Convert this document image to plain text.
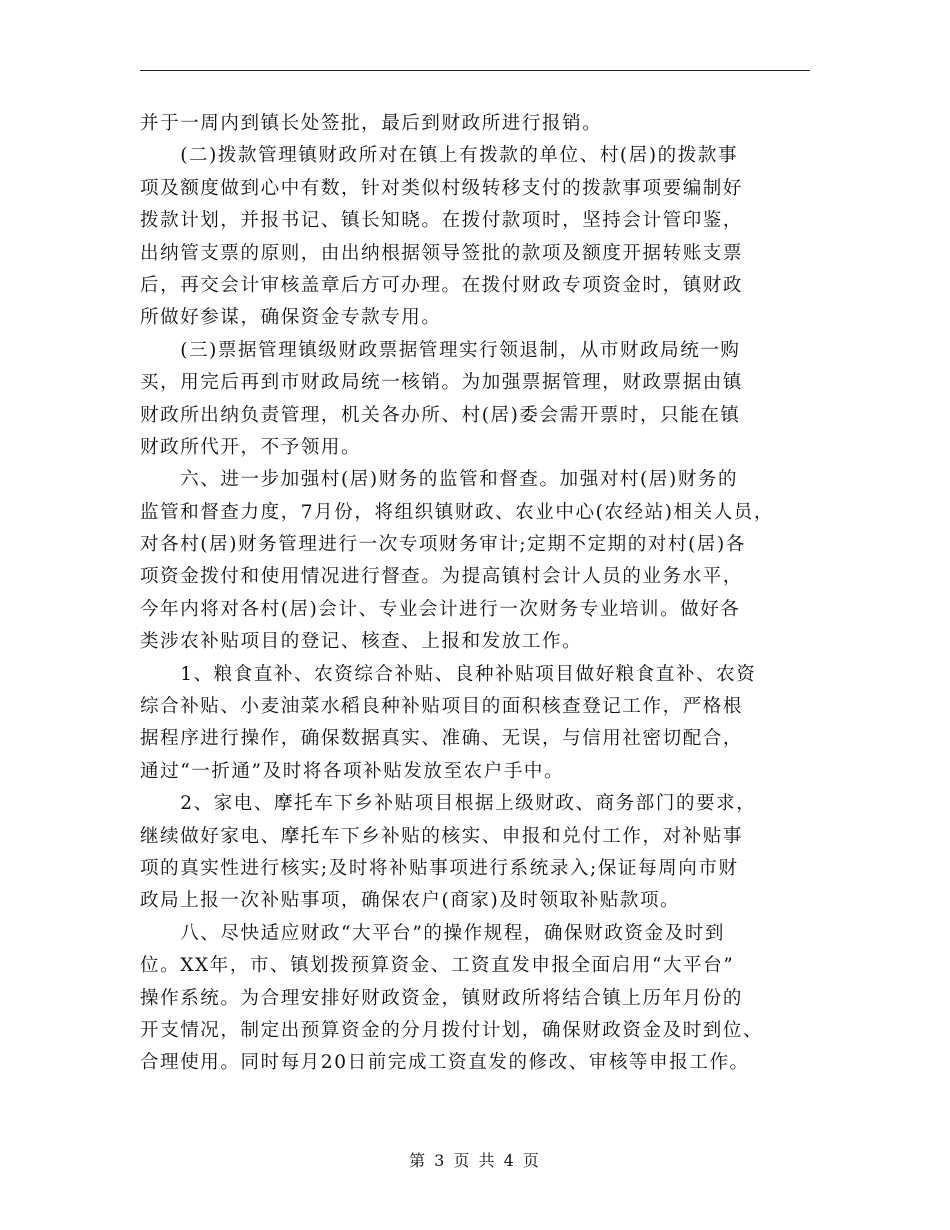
并于一周内到镇长处签批，最后到财政所进行报销。
　　(二)拨款管理镇财政所对在镇上有拨款的单位、村(居)的拨款事
项及额度做到心中有数，针对类似村级转移支付的拨款事项要编制好
拨款计划，并报书记、镇长知晓。在拨付款项时，坚持会计管印鉴，
出纳管支票的原则，由出纳根据领导签批的款项及额度开据转账支票
后，再交会计审核盖章后方可办理。在拨付财政专项资金时，镇财政
所做好参谋，确保资金专款专用。
　　(三)票据管理镇级财政票据管理实行领退制，从市财政局统一购
买，用完后再到市财政局统一核销。为加强票据管理，财政票据由镇
财政所出纳负责管理，机关各办所、村(居)委会需开票时，只能在镇
财政所代开，不予领用。
　　六、进一步加强村(居)财务的监管和督查。加强对村(居)财务的
监管和督查力度，7月份，将组织镇财政、农业中心(农经站)相关人员，
对各村(居)财务管理进行一次专项财务审计;定期不定期的对村(居)各
项资金拨付和使用情况进行督查。为提高镇村会计人员的业务水平，
今年内将对各村(居)会计、专业会计进行一次财务专业培训。做好各
类涉农补贴项目的登记、核查、上报和发放工作。
　　1、粮食直补、农资综合补贴、良种补贴项目做好粮食直补、农资
综合补贴、小麦油菜水稻良种补贴项目的面积核查登记工作，严格根
据程序进行操作，确保数据真实、准确、无误，与信用社密切配合，
通过“一折通”及时将各项补贴发放至农户手中。
　　2、家电、摩托车下乡补贴项目根据上级财政、商务部门的要求，
继续做好家电、摩托车下乡补贴的核实、申报和兑付工作，对补贴事
项的真实性进行核实;及时将补贴事项进行系统录入;保证每周向市财
政局上报一次补贴事项，确保农户(商家)及时领取补贴款项。
　　八、尽快适应财政“大平台”的操作规程，确保财政资金及时到
位。XX年，市、镇划拨预算资金、工资直发申报全面启用“大平台”
操作系统。为合理安排好财政资金，镇财政所将结合镇上历年月份的
开支情况，制定出预算资金的分月拨付计划，确保财政资金及时到位、
合理使用。同时每月20日前完成工资直发的修改、审核等申报工作。
第 3 页 共 4 页
